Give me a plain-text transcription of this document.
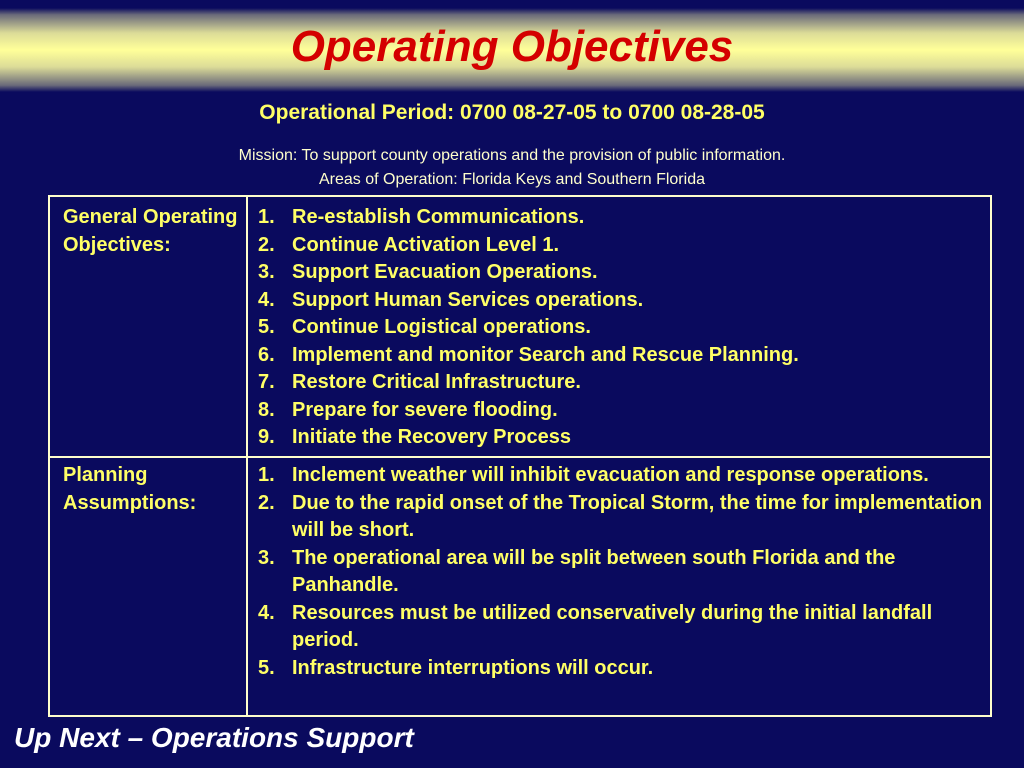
Operating Objectives
Operational Period: 0700 08-27-05 to 0700 08-28-05
Mission: To support county operations and the provision of public information.
Areas of Operation: Florida Keys and Southern Florida
General Operating Objectives:
1. Re-establish Communications.
2. Continue Activation Level 1.
3. Support Evacuation Operations.
4. Support Human Services operations.
5. Continue Logistical operations.
6. Implement and monitor Search and Rescue Planning.
7. Restore Critical Infrastructure.
8. Prepare for severe flooding.
9. Initiate the Recovery Process
Planning Assumptions:
1. Inclement weather will inhibit evacuation and response operations.
2. Due to the rapid onset of the Tropical Storm, the time for implementation will be short.
3. The operational area will be split between south Florida and the Panhandle.
4. Resources must be utilized conservatively during the initial landfall period.
5. Infrastructure interruptions will occur.
Up Next – Operations Support
